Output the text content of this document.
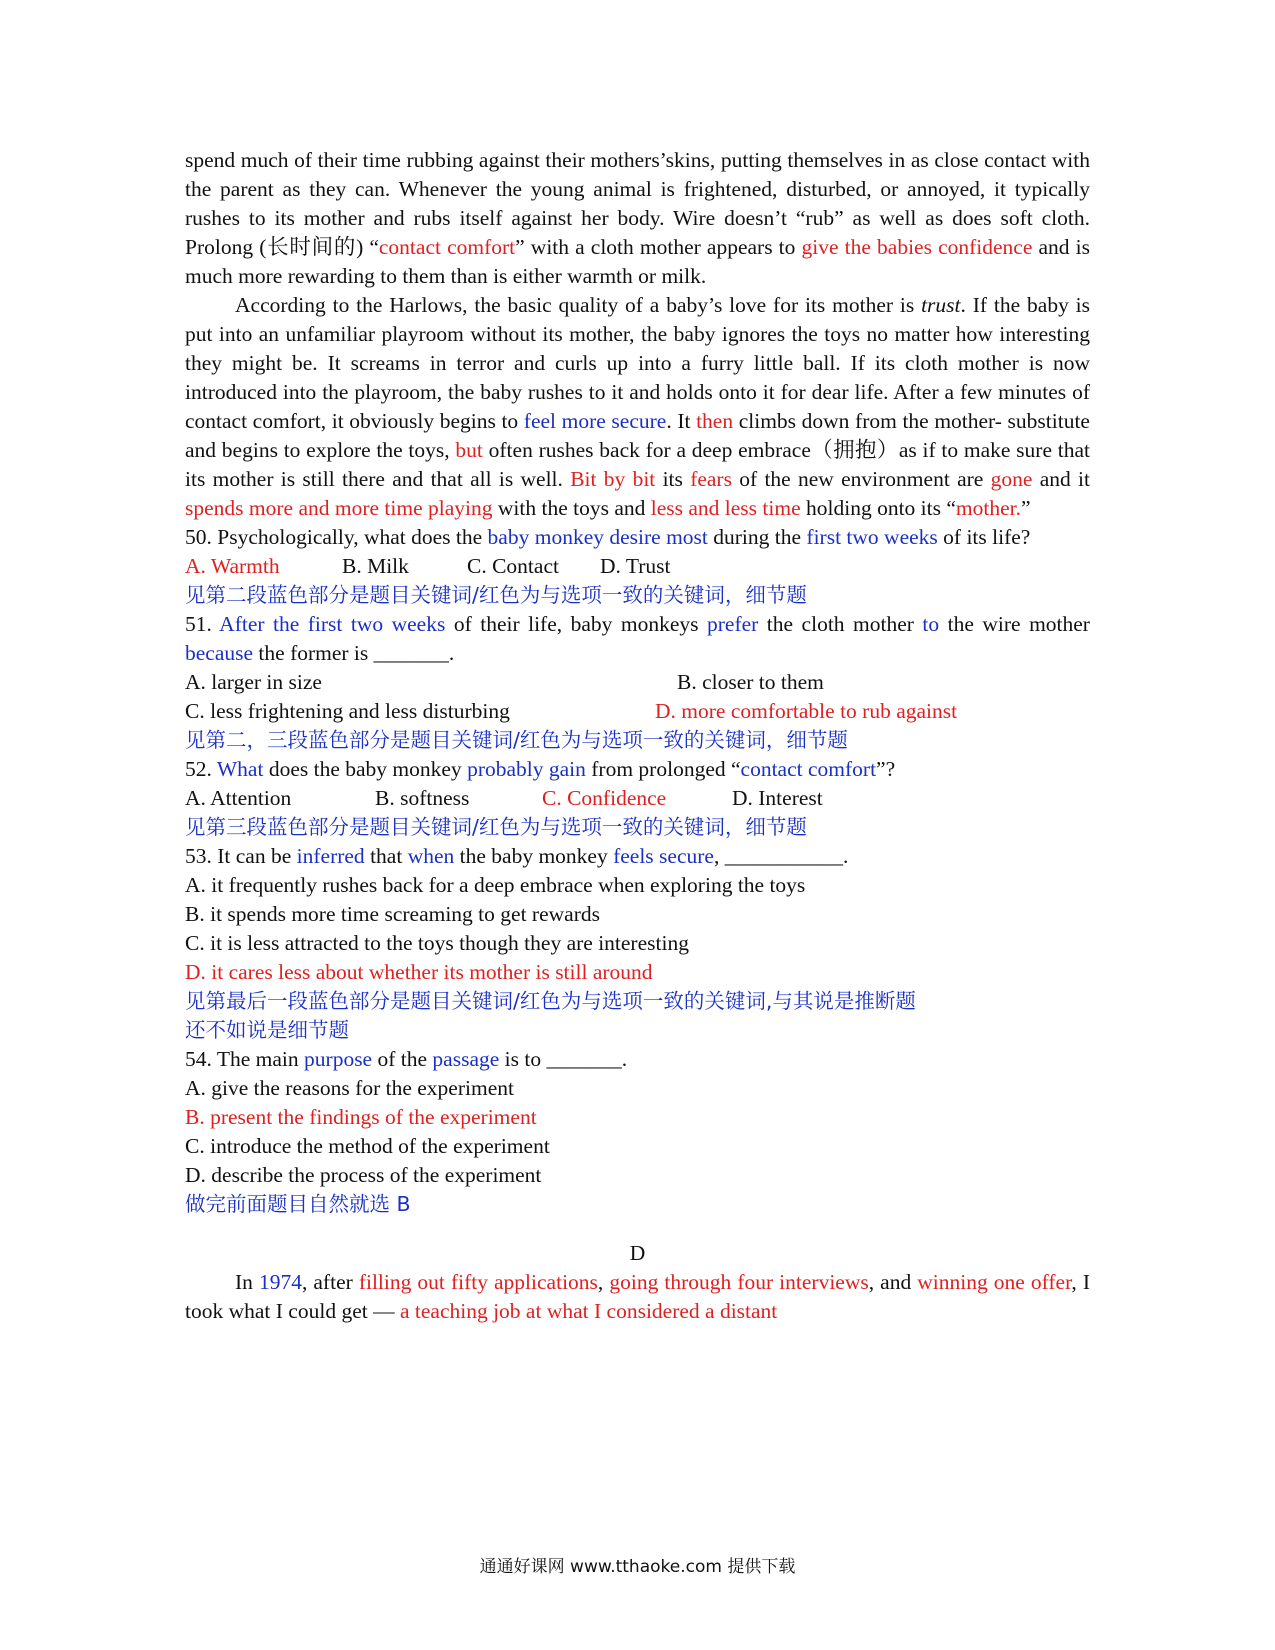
spend much of their time rubbing against their mothers’skins, putting themselves in as close contact with the parent as they can. Whenever the young animal is frightened, disturbed, or annoyed, it typically rushes to its mother and rubs itself against her body. Wire doesn’t “rub” as well as does soft cloth. Prolong (长时间的) “contact comfort” with a cloth mother appears to give the babies confidence and is much more rewarding to them than is either warmth or milk.

According to the Harlows, the basic quality of a baby’s love for its mother is trust. If the baby is put into an unfamiliar playroom without its mother, the baby ignores the toys no matter how interesting they might be. It screams in terror and curls up into a furry little ball. If its cloth mother is now introduced into the playroom, the baby rushes to it and holds onto it for dear life. After a few minutes of contact comfort, it obviously begins to feel more secure. It then climbs down from the mother- substitute and begins to explore the toys, but often rushes back for a deep embrace（拥抱）as if to make sure that its mother is still there and that all is well. Bit by bit its fears of the new environment are gone and it spends more and more time playing with the toys and less and less time holding onto its “mother.”

50. Psychologically, what does the baby monkey desire most during the first two weeks of its life?

A. Warmth	B. Milk	C. Contact	D. Trust

见第二段蓝色部分是题目关键词/红色为与选项一致的关键词，细节题

51. After the first two weeks of their life, baby monkeys prefer the cloth mother to the wire mother because the former is _______.

A. larger in size	B. closer to them
C. less frightening and less disturbing	D. more comfortable to rub against

见第二，三段蓝色部分是题目关键词/红色为与选项一致的关键词，细节题

52. What does the baby monkey probably gain from prolonged “contact comfort”?

A. Attention	B. softness	C. Confidence	D. Interest

见第三段蓝色部分是题目关键词/红色为与选项一致的关键词，细节题

53. It can be inferred that when the baby monkey feels secure, ___________.

A. it frequently rushes back for a deep embrace when exploring the toys

B. it spends more time screaming to get rewards

C. it is less attracted to the toys though they are interesting

D. it cares less about whether its mother is still around

见第最后一段蓝色部分是题目关键词/红色为与选项一致的关键词,与其说是推断题

还不如说是细节题

54. The main purpose of the passage is to _______.

A. give the reasons for the experiment

B. present the findings of the experiment

C. introduce the method of the experiment

D. describe the process of the experiment

做完前面题目自然就选 B

D

In 1974, after filling out fifty applications, going through four interviews, and winning one offer, I took what I could get — a teaching job at what I considered a distant

通通好课网 www.tthaoke.com 提供下载
